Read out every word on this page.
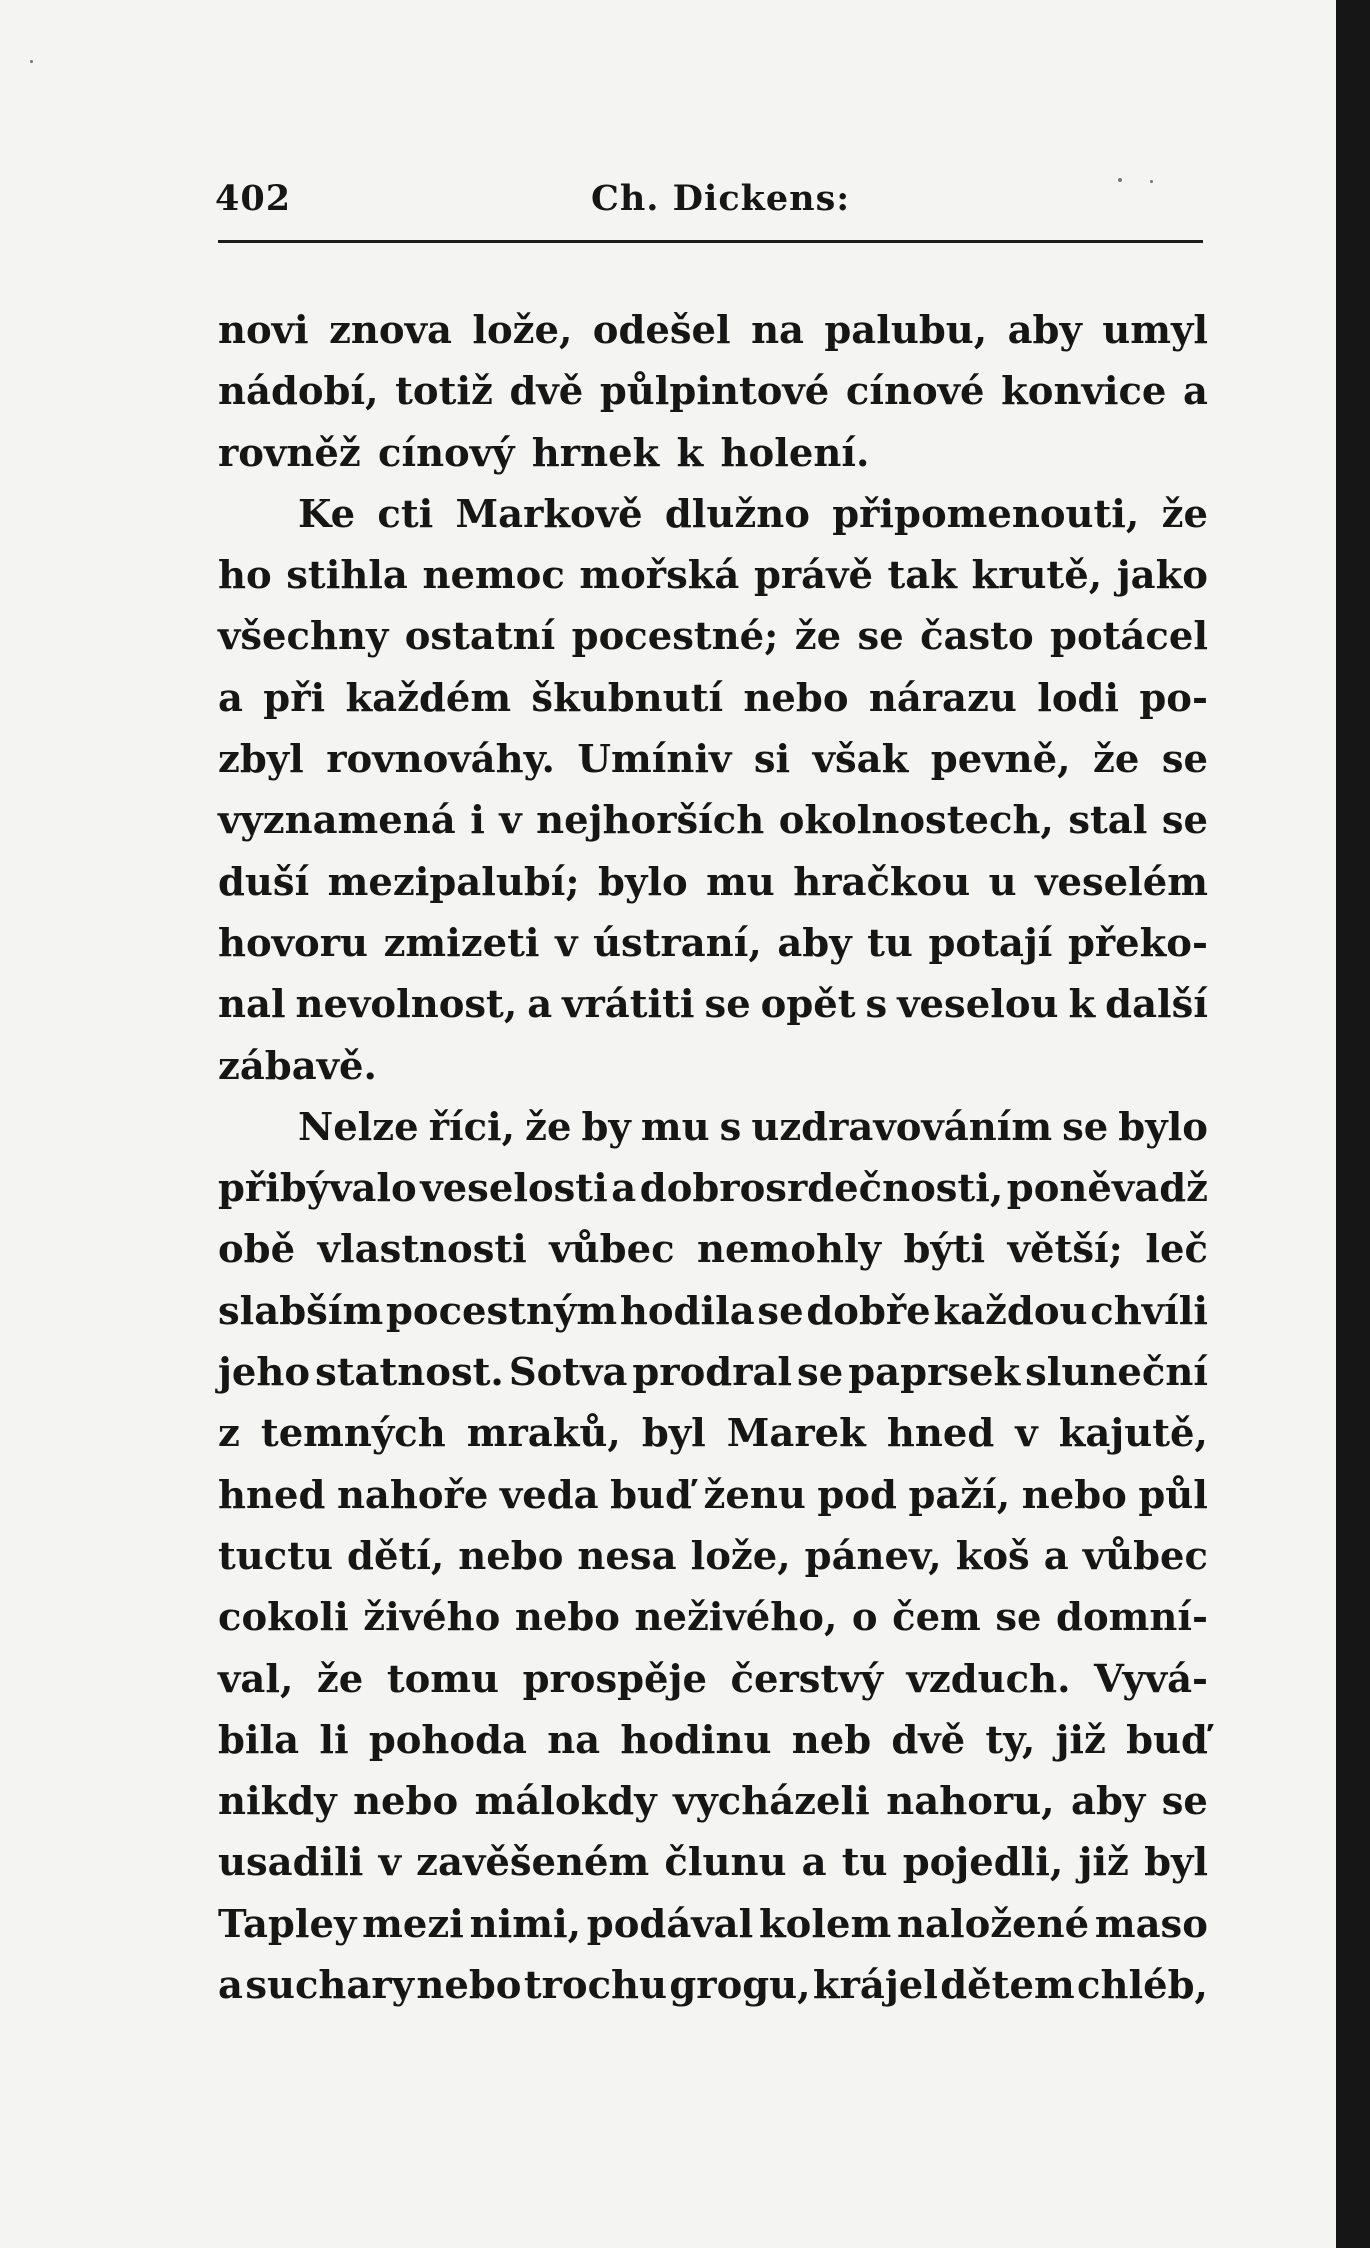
402	Ch. Dickens:
novi znova lože, odešel na palubu, aby umyl
nádobí, totiž dvě půlpintové cínové konvice a
rovněž cínový hrnek k holení.
Ke cti Markově dlužno připomenouti, že
ho stihla nemoc mořská právě tak krutě, jako
všechny ostatní pocestné; že se často potácel
a při každém škubnutí nebo nárazu lodi po-
zbyl rovnováhy. Umíniv si však pevně, že se
vyznamená i v nejhorších okolnostech, stal se
duší mezipalubí; bylo mu hračkou u veselém
hovoru zmizeti v ústraní, aby tu potají překo-
nal nevolnost, a vrátiti se opět s veselou k další
zábavě.
Nelze říci, že by mu s uzdravováním se bylo
přibývalo veselosti a dobrosrdečnosti, poněvadž
obě vlastnosti vůbec nemohly býti větší; leč
slabším pocestným hodila se dobře každou chvíli
jeho statnost. Sotva prodral se paprsek sluneční
z temných mraků, byl Marek hned v kajutě,
hned nahoře veda buď ženu pod paží, nebo půl
tuctu dětí, nebo nesa lože, pánev, koš a vůbec
cokoli živého nebo neživého, o čem se domní-
val, že tomu prospěje čerstvý vzduch. Vyvá-
bila li pohoda na hodinu neb dvě ty, již buď
nikdy nebo málokdy vycházeli nahoru, aby se
usadili v zavěšeném člunu a tu pojedli, již byl
Tapley mezi nimi, podával kolem naložené maso
a suchary nebo trochu grogu, krájel dětem chléb,
